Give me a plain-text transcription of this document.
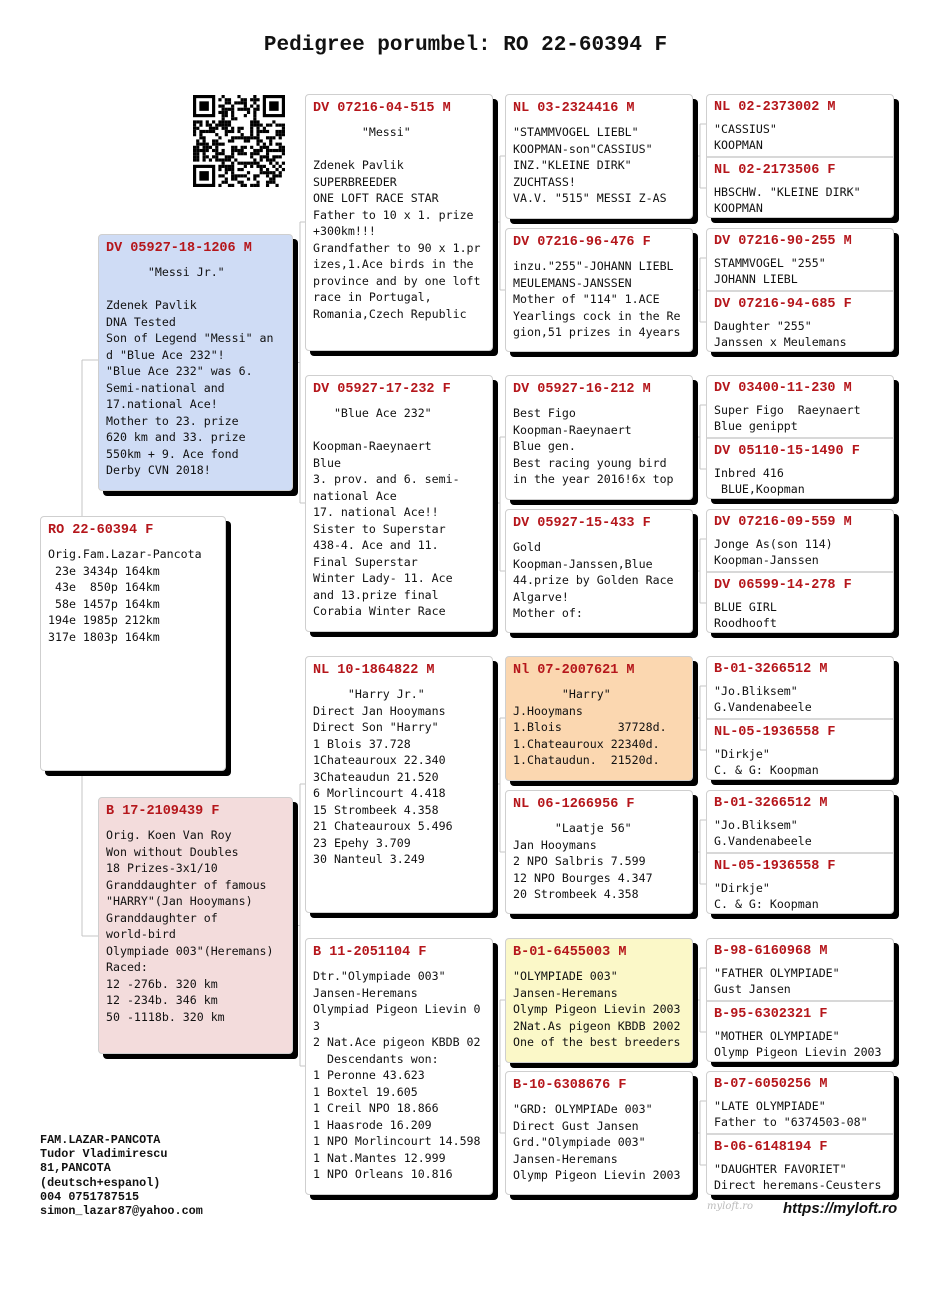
Pedigree porumbel: RO 22-60394 F
RO 22-60394 F
Orig.Fam.Lazar-Pancota
23e 3434p 164km
43e  850p 164km
58e 1457p 164km
194e 1985p 212km
317e 1803p 164km
DV 05927-18-1206 M
"Messi Jr."
Zdenek Pavlik
DNA Tested
Son of Legend "Messi" an
d "Blue Ace 232"!
"Blue Ace 232" was 6.
Semi-national and
17.national Ace!
Mother to 23. prize
620 km and 33. prize
550km + 9. Ace fond
Derby CVN 2018!
B 17-2109439 F
Orig. Koen Van Roy
Won without Doubles
18 Prizes-3x1/10
Granddaughter of famous
"HARRY"(Jan Hooymans)
Granddaughter of
world-bird
Olympiade 003"(Heremans)
Raced:
12 -276b. 320 km
12 -234b. 346 km
50 -1118b. 320 km
DV 07216-04-515 M
"Messi"
Zdenek Pavlik
SUPERBREEDER
ONE LOFT RACE STAR
Father to 10 x 1. prize
+300km!!!
Grandfather to 90 x 1.pr
izes,1.Ace birds in the
province and by one loft
race in Portugal,
Romania,Czech Republic
DV 05927-17-232 F
"Blue Ace 232"
Koopman-Raeynaert
Blue
3. prov. and 6. semi-
national Ace
17. national Ace!!
Sister to Superstar
438-4. Ace and 11.
Final Superstar
Winter Lady- 11. Ace
and 13.prize final
Corabia Winter Race
NL 10-1864822 M
"Harry Jr."
Direct Jan Hooymans
Direct Son "Harry"
1 Blois 37.728
1Chateauroux 22.340
3Chateaudun 21.520
6 Morlincourt 4.418
15 Strombeek 4.358
21 Chateauroux 5.496
23 Epehy 3.709
30 Nanteul 3.249
B 11-2051104 F
Dtr."Olympiade 003"
Jansen-Heremans
Olympiad Pigeon Lievin 0
3
2 Nat.Ace pigeon KBDB 02
Descendants won:
1 Peronne 43.623
1 Boxtel 19.605
1 Creil NPO 18.866
1 Haasrode 16.209
1 NPO Morlincourt 14.598
1 Nat.Mantes 12.999
1 NPO Orleans 10.816
NL 03-2324416 M
"STAMMVOGEL LIEBL"
KOOPMAN-son"CASSIUS"
INZ."KLEINE DIRK"
ZUCHTASS!
VA.V. "515" MESSI Z-AS
DV 07216-96-476 F
inzu."255"-JOHANN LIEBL
MEULEMANS-JANSSEN
Mother of "114" 1.ACE
Yearlings cock in the Re
gion,51 prizes in 4years
DV 05927-16-212 M
Best Figo
Koopman-Raeynaert
Blue gen.
Best racing young bird
in the year 2016!6x top
DV 05927-15-433 F
Gold
Koopman-Janssen,Blue
44.prize by Golden Race
Algarve!
Mother of:
Nl 07-2007621 M
"Harry"
J.Hooymans
1.Blois        37728d.
1.Chateauroux 22340d.
1.Chataudun.  21520d.
NL 06-1266956 F
"Laatje 56"
Jan Hooymans
2 NPO Salbris 7.599
12 NPO Bourges 4.347
20 Strombeek 4.358
B-01-6455003 M
"OLYMPIADE 003"
Jansen-Heremans
Olymp Pigeon Lievin 2003
2Nat.As pigeon KBDB 2002
One of the best breeders
B-10-6308676 F
"GRD: OLYMPIADe 003"
Direct Gust Jansen
Grd."Olympiade 003"
Jansen-Heremans
Olymp Pigeon Lievin 2003
NL 02-2373002 M
"CASSIUS"
KOOPMAN
NL 02-2173506 F
HBSCHW. "KLEINE DIRK"
KOOPMAN
DV 07216-90-255 M
STAMMVOGEL "255"
JOHANN LIEBL
DV 07216-94-685 F
Daughter "255"
Janssen x Meulemans
DV 03400-11-230 M
Super Figo  Raeynaert
Blue genippt
DV 05110-15-1490 F
Inbred 416
BLUE,Koopman
DV 07216-09-559 M
Jonge As(son 114)
Koopman-Janssen
DV 06599-14-278 F
BLUE GIRL
Roodhooft
B-01-3266512 M
"Jo.Bliksem"
G.Vandenabeele
NL-05-1936558 F
"Dirkje"
C. & G: Koopman
B-01-3266512 M
"Jo.Bliksem"
G.Vandenabeele
NL-05-1936558 F
"Dirkje"
C. & G: Koopman
B-98-6160968 M
"FATHER OLYMPIADE"
Gust Jansen
B-95-6302321 F
"MOTHER OLYMPIADE"
Olymp Pigeon Lievin 2003
B-07-6050256 M
"LATE OLYMPIADE"
Father to "6374503-08"
B-06-6148194 F
"DAUGHTER FAVORIET"
Direct heremans-Ceusters
FAM.LAZAR-PANCOTA
Tudor Vladimirescu
81,PANCOTA
(deutsch+espanol)
004 0751787515
simon_lazar87@yahoo.com	myloft.ro https://myloft.ro
